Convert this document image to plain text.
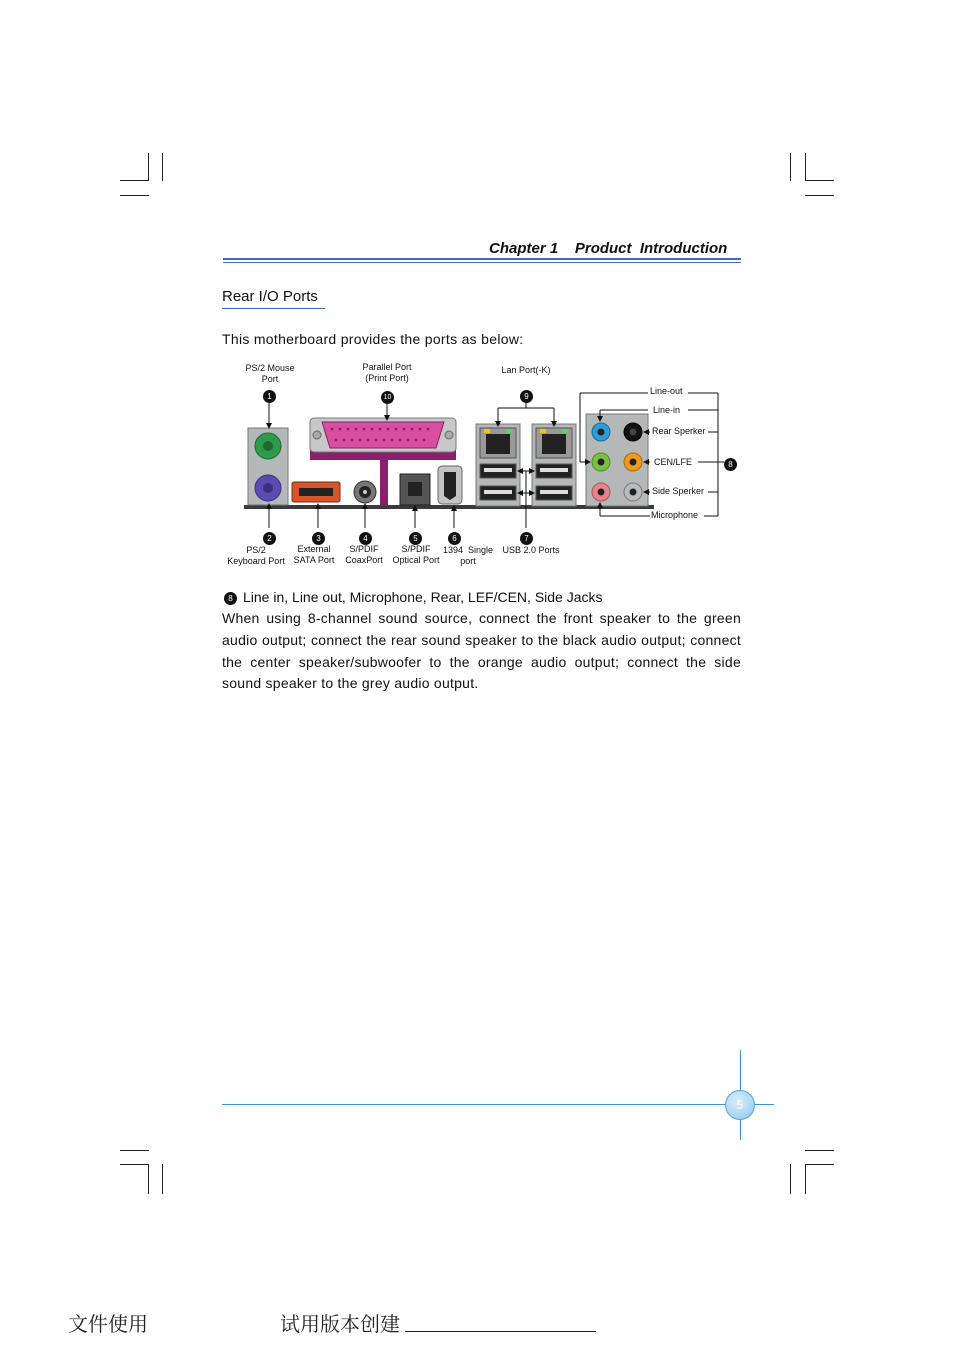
Chapter 1    Product  Introduction
Rear I/O Ports
This motherboard provides the ports as below:
1	10	9
2	3	4	5	6	7
8
PS/2 Mouse
Port
Parallel Port
(Print Port)
Lan Port(-K)
PS/2
Keyboard Port
External
SATA Port
S/PDIF
CoaxPort
S/PDIF
Optical Port
1394  Single
port
USB 2.0 Ports
Line-out
Line-in
Rear Sperker
CEN/LFE
Side Sperker
Microphone
8 Line in, Line out, Microphone, Rear, LEF/CEN, Side Jacks
When using 8-channel sound source, connect the front speaker to the green audio output; connect the rear sound speaker to the black audio output; connect the center speaker/subwoofer to the orange audio output; connect the side sound speaker to the grey audio output.
5
文件使用	试用版本创建
